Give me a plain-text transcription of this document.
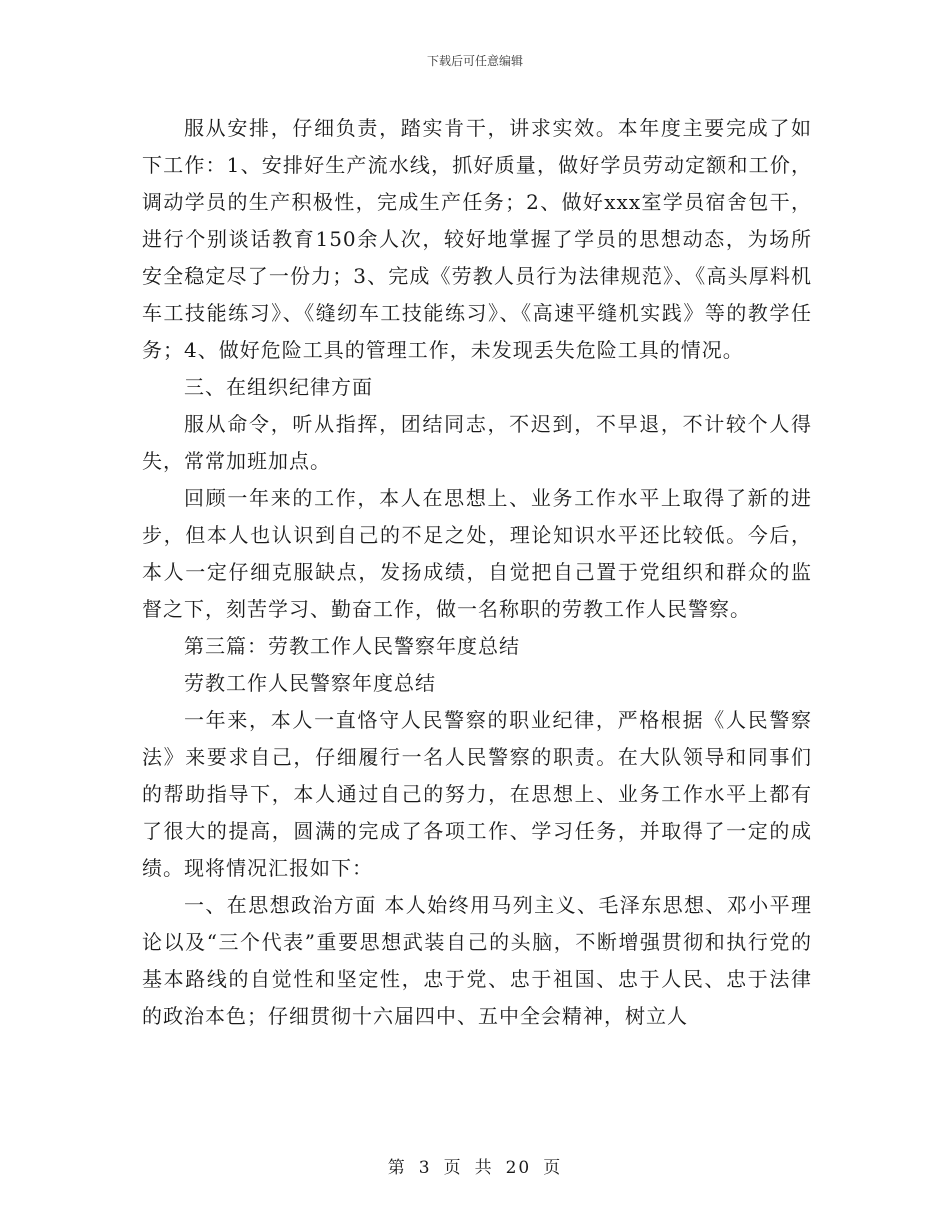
下载后可任意编辑

服从安排，仔细负责，踏实肯干，讲求实效。本年度主要完成了如下工作：1、安排好生产流水线，抓好质量，做好学员劳动定额和工价，调动学员的生产积极性，完成生产任务；2、做好xxx室学员宿舍包干，进行个别谈话教育150余人次，较好地掌握了学员的思想动态，为场所安全稳定尽了一份力；3、完成《劳教人员行为法律规范》、《高头厚料机车工技能练习》、《缝纫车工技能练习》、《高速平缝机实践》等的教学任务；4、做好危险工具的管理工作，未发现丢失危险工具的情况。

三、在组织纪律方面

服从命令，听从指挥，团结同志，不迟到，不早退，不计较个人得失，常常加班加点。

回顾一年来的工作，本人在思想上、业务工作水平上取得了新的进步，但本人也认识到自己的不足之处，理论知识水平还比较低。今后，本人一定仔细克服缺点，发扬成绩，自觉把自己置于党组织和群众的监督之下，刻苦学习、勤奋工作，做一名称职的劳教工作人民警察。

第三篇：劳教工作人民警察年度总结

劳教工作人民警察年度总结

一年来，本人一直恪守人民警察的职业纪律，严格根据《人民警察法》来要求自己，仔细履行一名人民警察的职责。在大队领导和同事们的帮助指导下，本人通过自己的努力，在思想上、业务工作水平上都有了很大的提高，圆满的完成了各项工作、学习任务，并取得了一定的成绩。现将情况汇报如下：

一、在思想政治方面 本人始终用马列主义、毛泽东思想、邓小平理论以及“三个代表”重要思想武装自己的头脑，不断增强贯彻和执行党的基本路线的自觉性和坚定性，忠于党、忠于祖国、忠于人民、忠于法律的政治本色；仔细贯彻十六届四中、五中全会精神，树立人

第 3 页 共 20 页
